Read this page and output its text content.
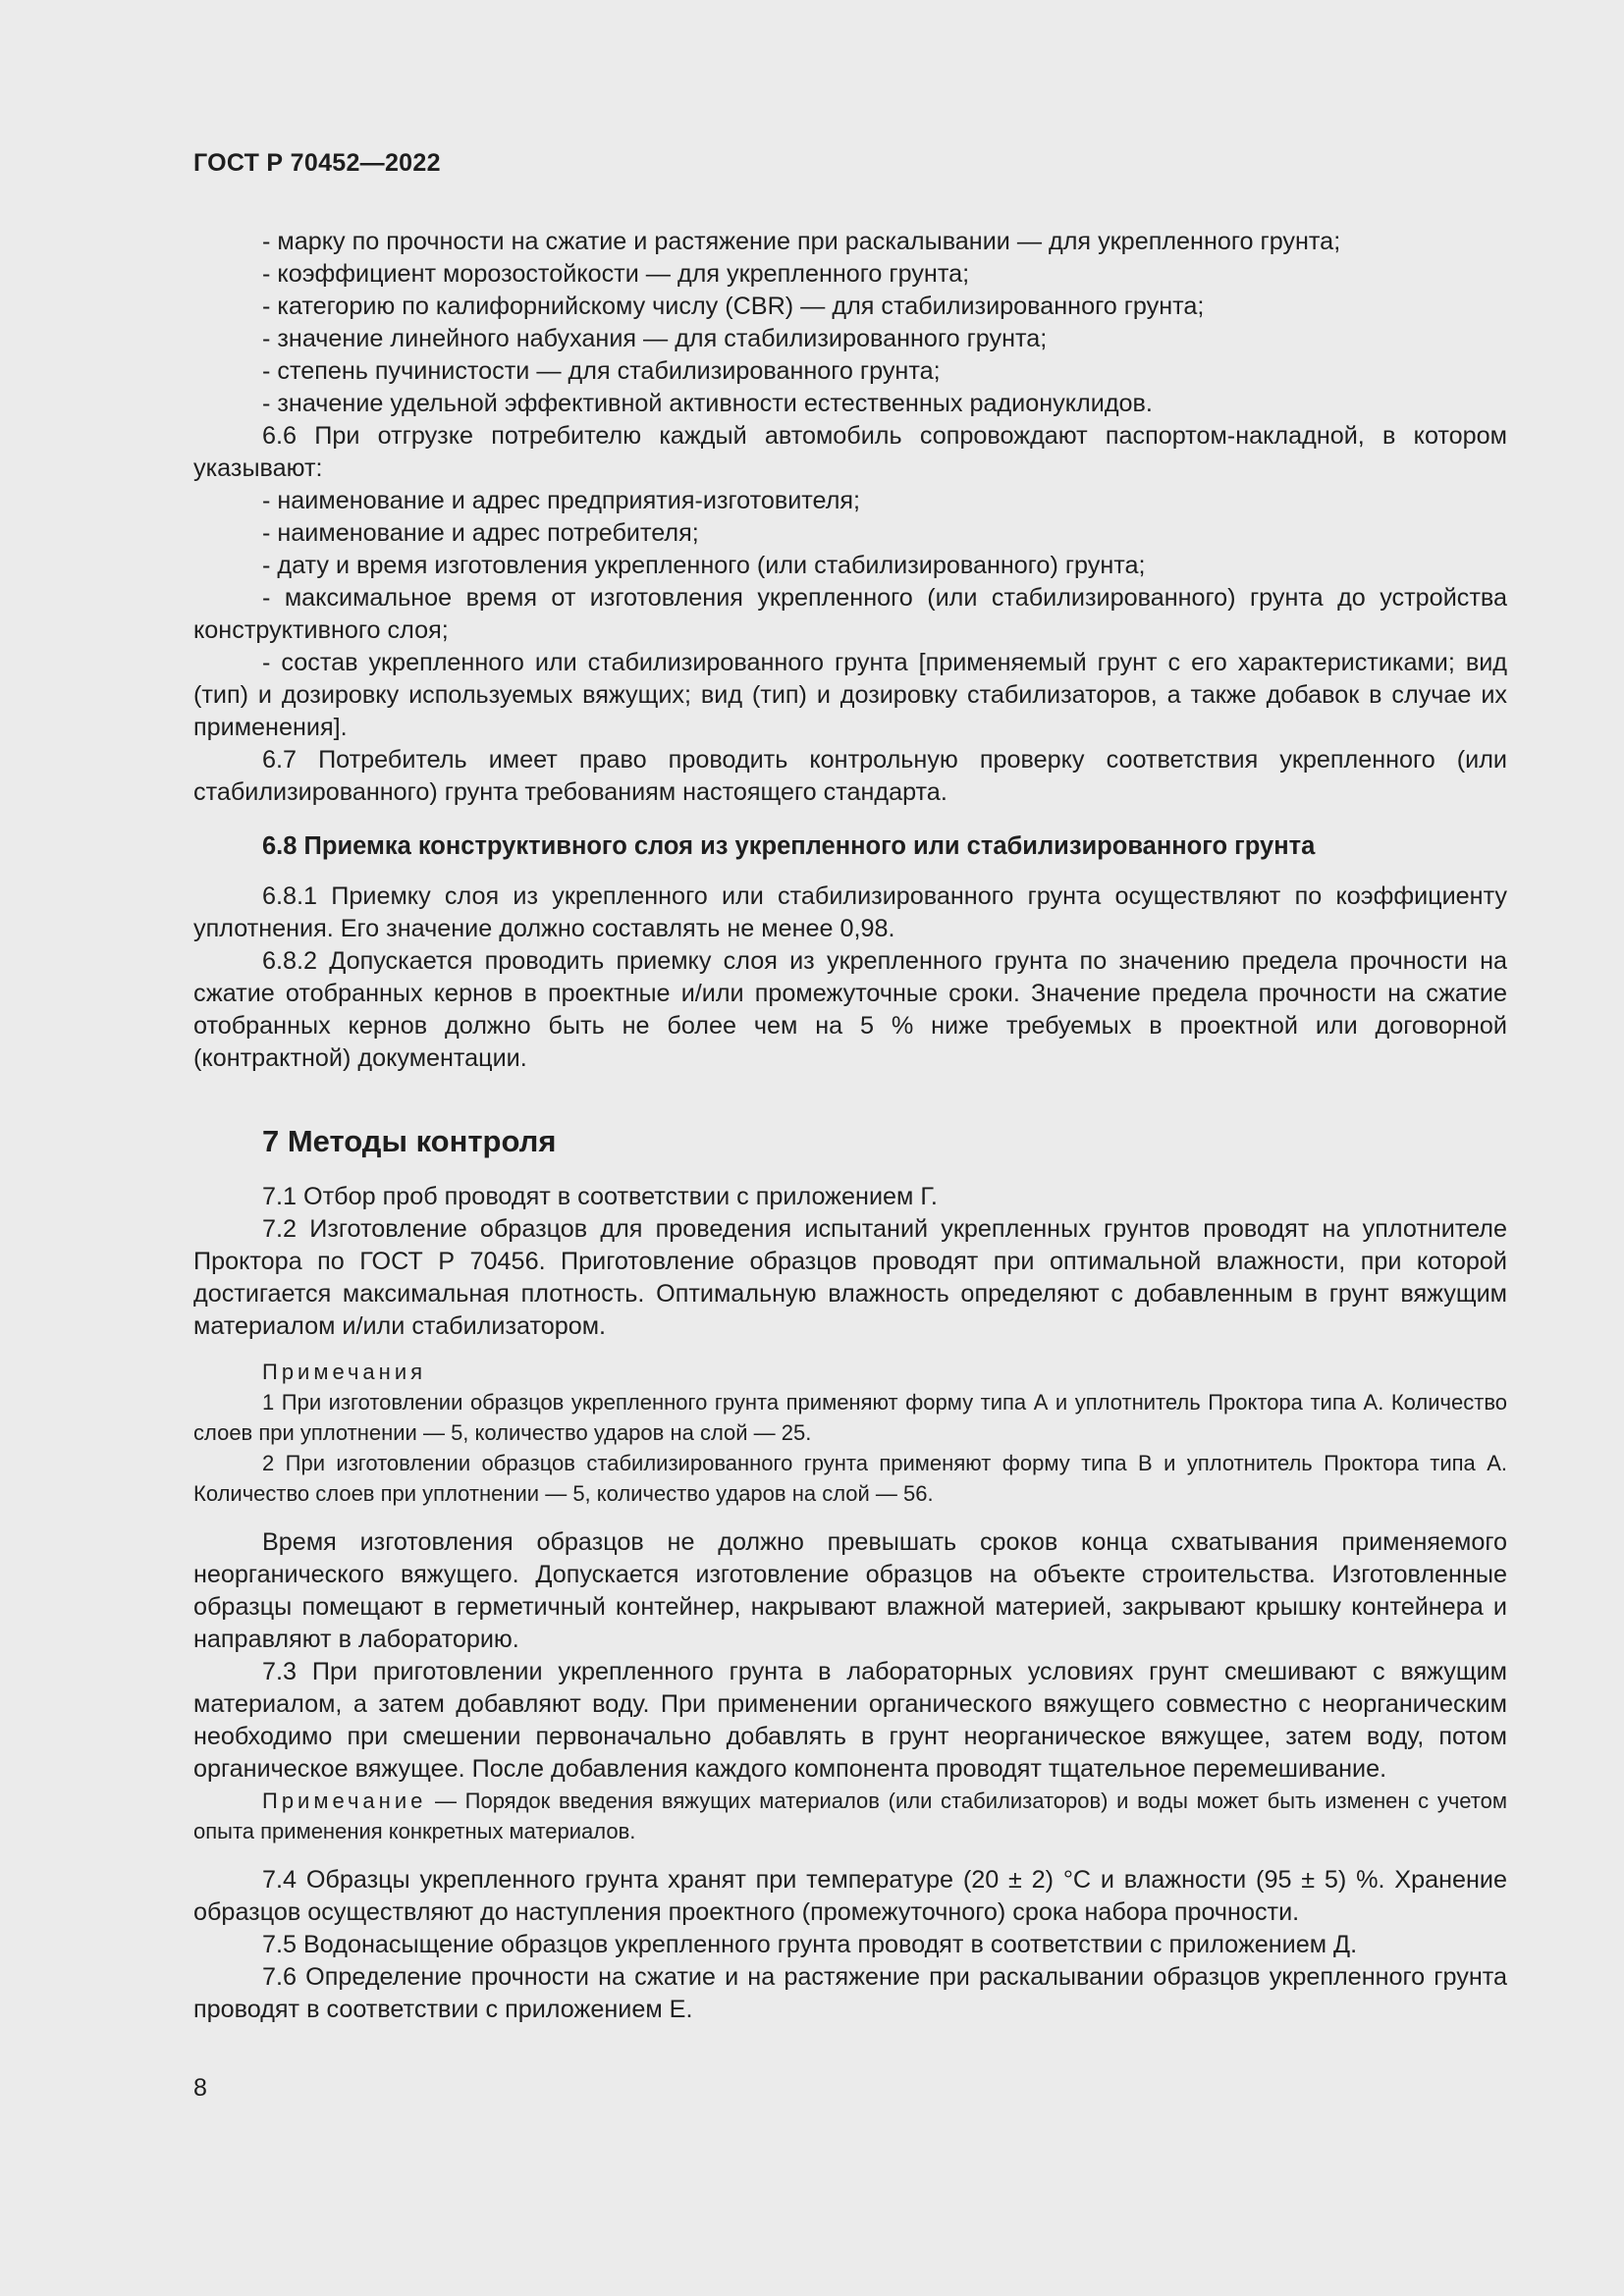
ГОСТ Р 70452—2022

- марку по прочности на сжатие и растяжение при раскалывании — для укрепленного грунта;

- коэффициент морозостойкости — для укрепленного грунта;

- категорию по калифорнийскому числу (CBR) — для стабилизированного грунта;

- значение линейного набухания — для стабилизированного грунта;

- степень пучинистости — для стабилизированного грунта;

- значение удельной эффективной активности естественных радионуклидов.

6.6 При отгрузке потребителю каждый автомобиль сопровождают паспортом-накладной, в котором указывают:

- наименование и адрес предприятия-изготовителя;

- наименование и адрес потребителя;

- дату и время изготовления укрепленного (или стабилизированного) грунта;

- максимальное время от изготовления укрепленного (или стабилизированного) грунта до устройства конструктивного слоя;

- состав укрепленного или стабилизированного грунта [применяемый грунт с его характеристиками; вид (тип) и дозировку используемых вяжущих; вид (тип) и дозировку стабилизаторов, а также добавок в случае их применения].

6.7 Потребитель имеет право проводить контрольную проверку соответствия укрепленного (или стабилизированного) грунта требованиям настоящего стандарта.

6.8 Приемка конструктивного слоя из укрепленного или стабилизированного грунта

6.8.1 Приемку слоя из укрепленного или стабилизированного грунта осуществляют по коэффициенту уплотнения. Его значение должно составлять не менее 0,98.

6.8.2 Допускается проводить приемку слоя из укрепленного грунта по значению предела прочности на сжатие отобранных кернов в проектные и/или промежуточные сроки. Значение предела прочности на сжатие отобранных кернов должно быть не более чем на 5 % ниже требуемых в проектной или договорной (контрактной) документации.

7 Методы контроля

7.1 Отбор проб проводят в соответствии с приложением Г.

7.2 Изготовление образцов для проведения испытаний укрепленных грунтов проводят на уплотнителе Проктора по ГОСТ Р 70456. Приготовление образцов проводят при оптимальной влажности, при которой достигается максимальная плотность. Оптимальную влажность определяют с добавленным в грунт вяжущим материалом и/или стабилизатором.

Примечания

1 При изготовлении образцов укрепленного грунта применяют форму типа А и уплотнитель Проктора типа А. Количество слоев при уплотнении — 5, количество ударов на слой — 25.

2 При изготовлении образцов стабилизированного грунта применяют форму типа В и уплотнитель Проктора типа А. Количество слоев при уплотнении — 5, количество ударов на слой — 56.

Время изготовления образцов не должно превышать сроков конца схватывания применяемого неорганического вяжущего. Допускается изготовление образцов на объекте строительства. Изготовленные образцы помещают в герметичный контейнер, накрывают влажной материей, закрывают крышку контейнера и направляют в лабораторию.

7.3 При приготовлении укрепленного грунта в лабораторных условиях грунт смешивают с вяжущим материалом, а затем добавляют воду. При применении органического вяжущего совместно с неорганическим необходимо при смешении первоначально добавлять в грунт неорганическое вяжущее, затем воду, потом органическое вяжущее. После добавления каждого компонента проводят тщательное перемешивание.

Примечание — Порядок введения вяжущих материалов (или стабилизаторов) и воды может быть изменен с учетом опыта применения конкретных материалов.

7.4 Образцы укрепленного грунта хранят при температуре (20 ± 2) °C и влажности (95 ± 5) %. Хранение образцов осуществляют до наступления проектного (промежуточного) срока набора прочности.

7.5 Водонасыщение образцов укрепленного грунта проводят в соответствии с приложением Д.

7.6 Определение прочности на сжатие и на растяжение при раскалывании образцов укрепленного грунта проводят в соответствии с приложением Е.

8
